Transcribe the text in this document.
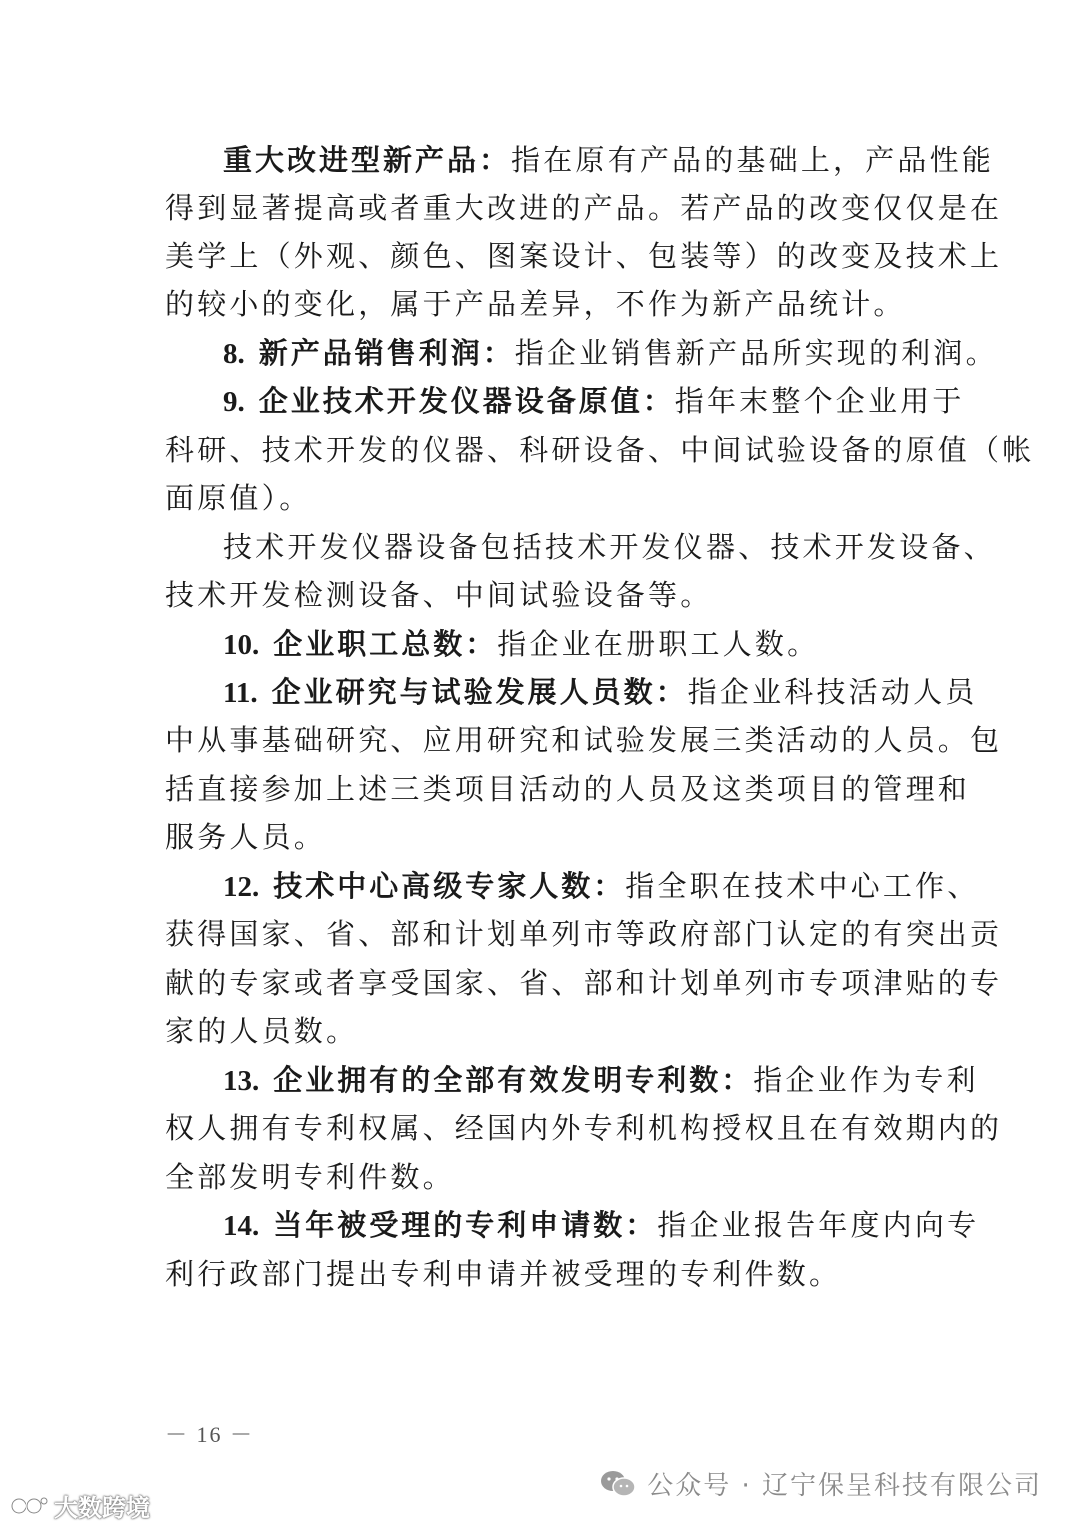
重大改进型新产品：指在原有产品的基础上，产品性能
得到显著提高或者重大改进的产品。若产品的改变仅仅是在
美学上（外观、颜色、图案设计、包装等）的改变及技术上
的较小的变化，属于产品差异，不作为新产品统计。
8. 新产品销售利润：指企业销售新产品所实现的利润。
9. 企业技术开发仪器设备原值：指年末整个企业用于
科研、技术开发的仪器、科研设备、中间试验设备的原值（帐
面原值）。
技术开发仪器设备包括技术开发仪器、技术开发设备、
技术开发检测设备、中间试验设备等。
10. 企业职工总数：指企业在册职工人数。
11. 企业研究与试验发展人员数：指企业科技活动人员
中从事基础研究、应用研究和试验发展三类活动的人员。包
括直接参加上述三类项目活动的人员及这类项目的管理和
服务人员。
12. 技术中心高级专家人数：指全职在技术中心工作、
获得国家、省、部和计划单列市等政府部门认定的有突出贡
献的专家或者享受国家、省、部和计划单列市专项津贴的专
家的人员数。
13. 企业拥有的全部有效发明专利数：指企业作为专利
权人拥有专利权属、经国内外专利机构授权且在有效期内的
全部发明专利件数。
14. 当年被受理的专利申请数：指企业报告年度内向专
利行政部门提出专利申请并被受理的专利件数。
－ 16 －
公众号 · 辽宁保呈科技有限公司
大数跨境
